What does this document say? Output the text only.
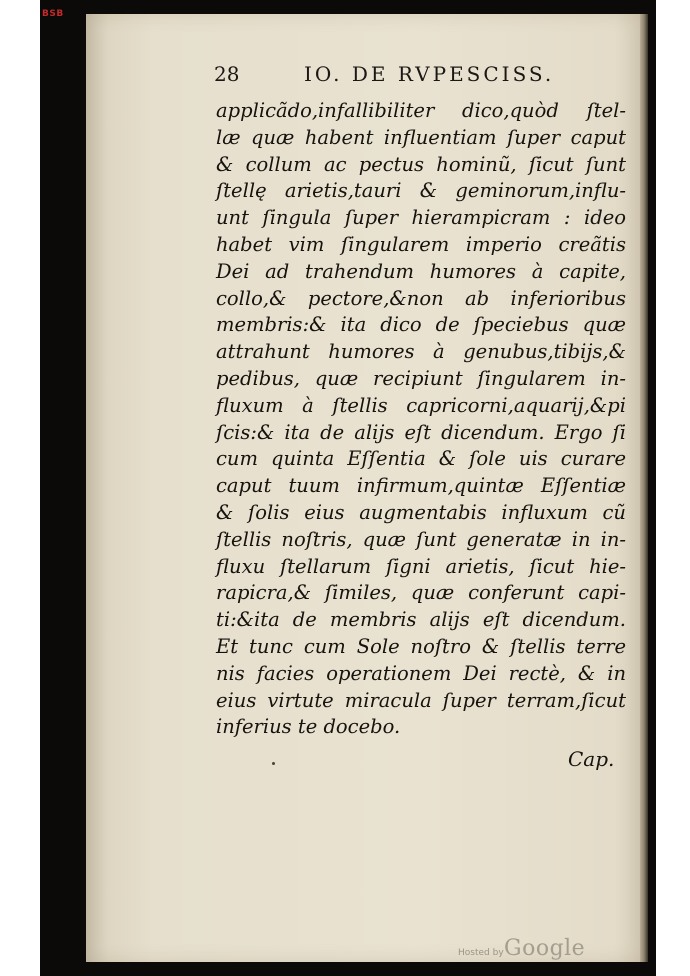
BSB
28	IO. DE RVPESCISS.
applicãdo,infallibiliter dico,quòd ſtel-
læ quæ habent influentiam ſuper caput
& collum ac pectus hominũ, ſicut ſunt
ſtellę arietis,tauri & geminorum,influ-
unt ſingula ſuper hierampicram : ideo
habet vim ſingularem imperio creãtis
Dei ad trahendum humores à capite,
collo,& pectore,&non ab inferioribus
membris:& ita dico de ſpeciebus quæ
attrahunt humores à genubus,tibijs,&
pedibus, quæ recipiunt ſingularem in-
fluxum à ſtellis capricorni,aquarij,&pi
ſcis:& ita de alijs eſt dicendum. Ergo ſi
cum quinta Eſſentia & ſole uis curare
caput tuum infirmum,quintæ Eſſentiæ
& ſolis eius augmentabis influxum cũ
ſtellis noſtris, quæ ſunt generatæ in in-
fluxu ſtellarum ſigni arietis, ſicut hie-
rapicra,& ſimiles, quæ conferunt capi-
ti:&ita de membris alijs eſt dicendum.
Et tunc cum Sole noſtro & ſtellis terre
nis facies operationem Dei rectè, & in
eius virtute miracula ſuper terram,ſicut
inferius te docebo.
Cap.
Hosted by Google
